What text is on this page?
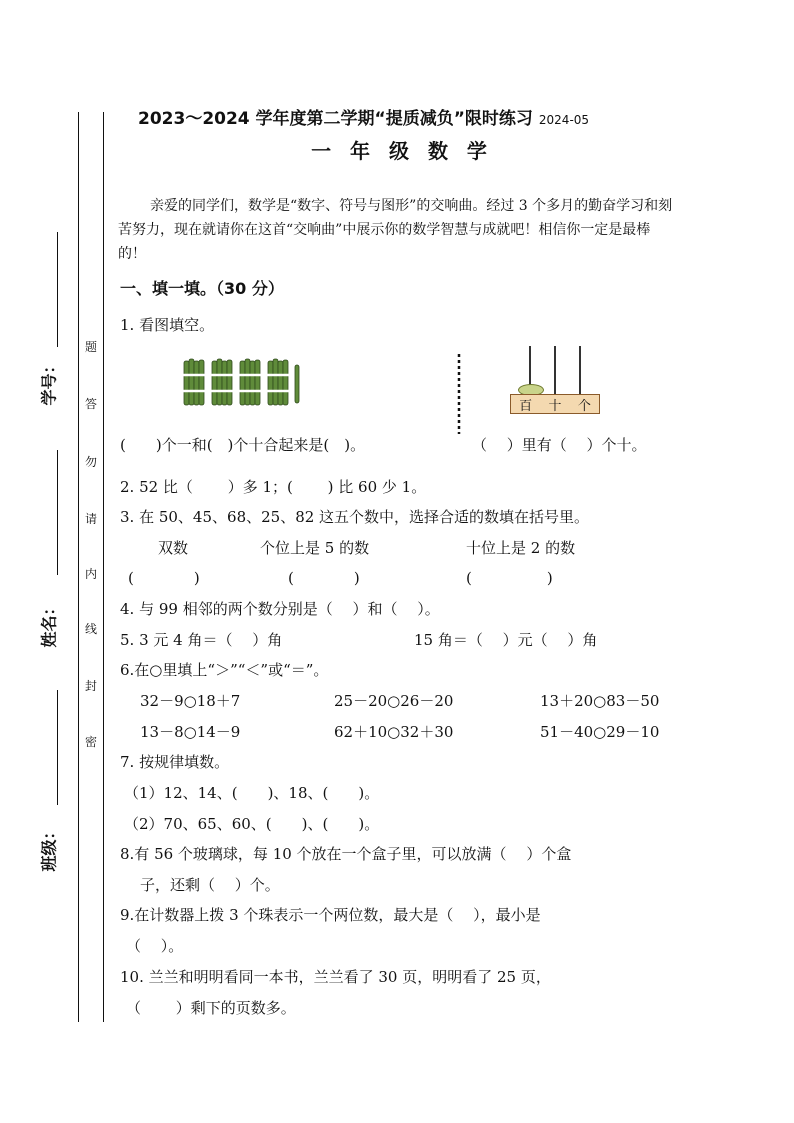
题
答
勿
请
内
线
封
密
学号：
姓名：
班级：
2023～2024 学年度第二学期“提质减负”限时练习 2024-05
一 年 级 数 学
亲爱的同学们，数学是“数字、符号与图形”的交响曲。经过 3 个多月的勤奋学习和刻苦努力，现在就请你在这首“交响曲”中展示你的数学智慧与成就吧！相信你一定是最棒的！
一、填一填。（30 分）
1. 看图填空。
百 十 个
(　　)个一和(　)个十合起来是(　)。	（　 ）里有（　 ）个十。
2. 52 比（　　 ）多 1；(　　 ) 比 60 少 1。
3. 在 50、45、68、25、82 这五个数中，选择合适的数填在括号里。
双数	个位上是 5 的数	十位上是 2 的数
(　　　　)	(　　　　)	(　　　　　)
4. 与 99 相邻的两个数分别是（　 ）和（　 ）。
5. 3 元 4 角＝（　 ）角	15 角＝（　 ）元（　 ）角
6.在○里填上“＞”“＜”或“＝”。
32－9○18＋7	25－20○26－20	13＋20○83－50
13－8○14－9	62＋10○32＋30	51－40○29－10
7. 按规律填数。
（1）12、14、(　　)、18、(　　)。
（2）70、65、60、(　　)、(　　)。
8.有 56 个玻璃球，每 10 个放在一个盒子里，可以放满（　 ）个盒
子，还剩（　 ）个。
9.在计数器上拨 3 个珠表示一个两位数，最大是（　 ），最小是
（　 ）。
10. 兰兰和明明看同一本书，兰兰看了 30 页，明明看了 25 页，
（　　 ）剩下的页数多。
